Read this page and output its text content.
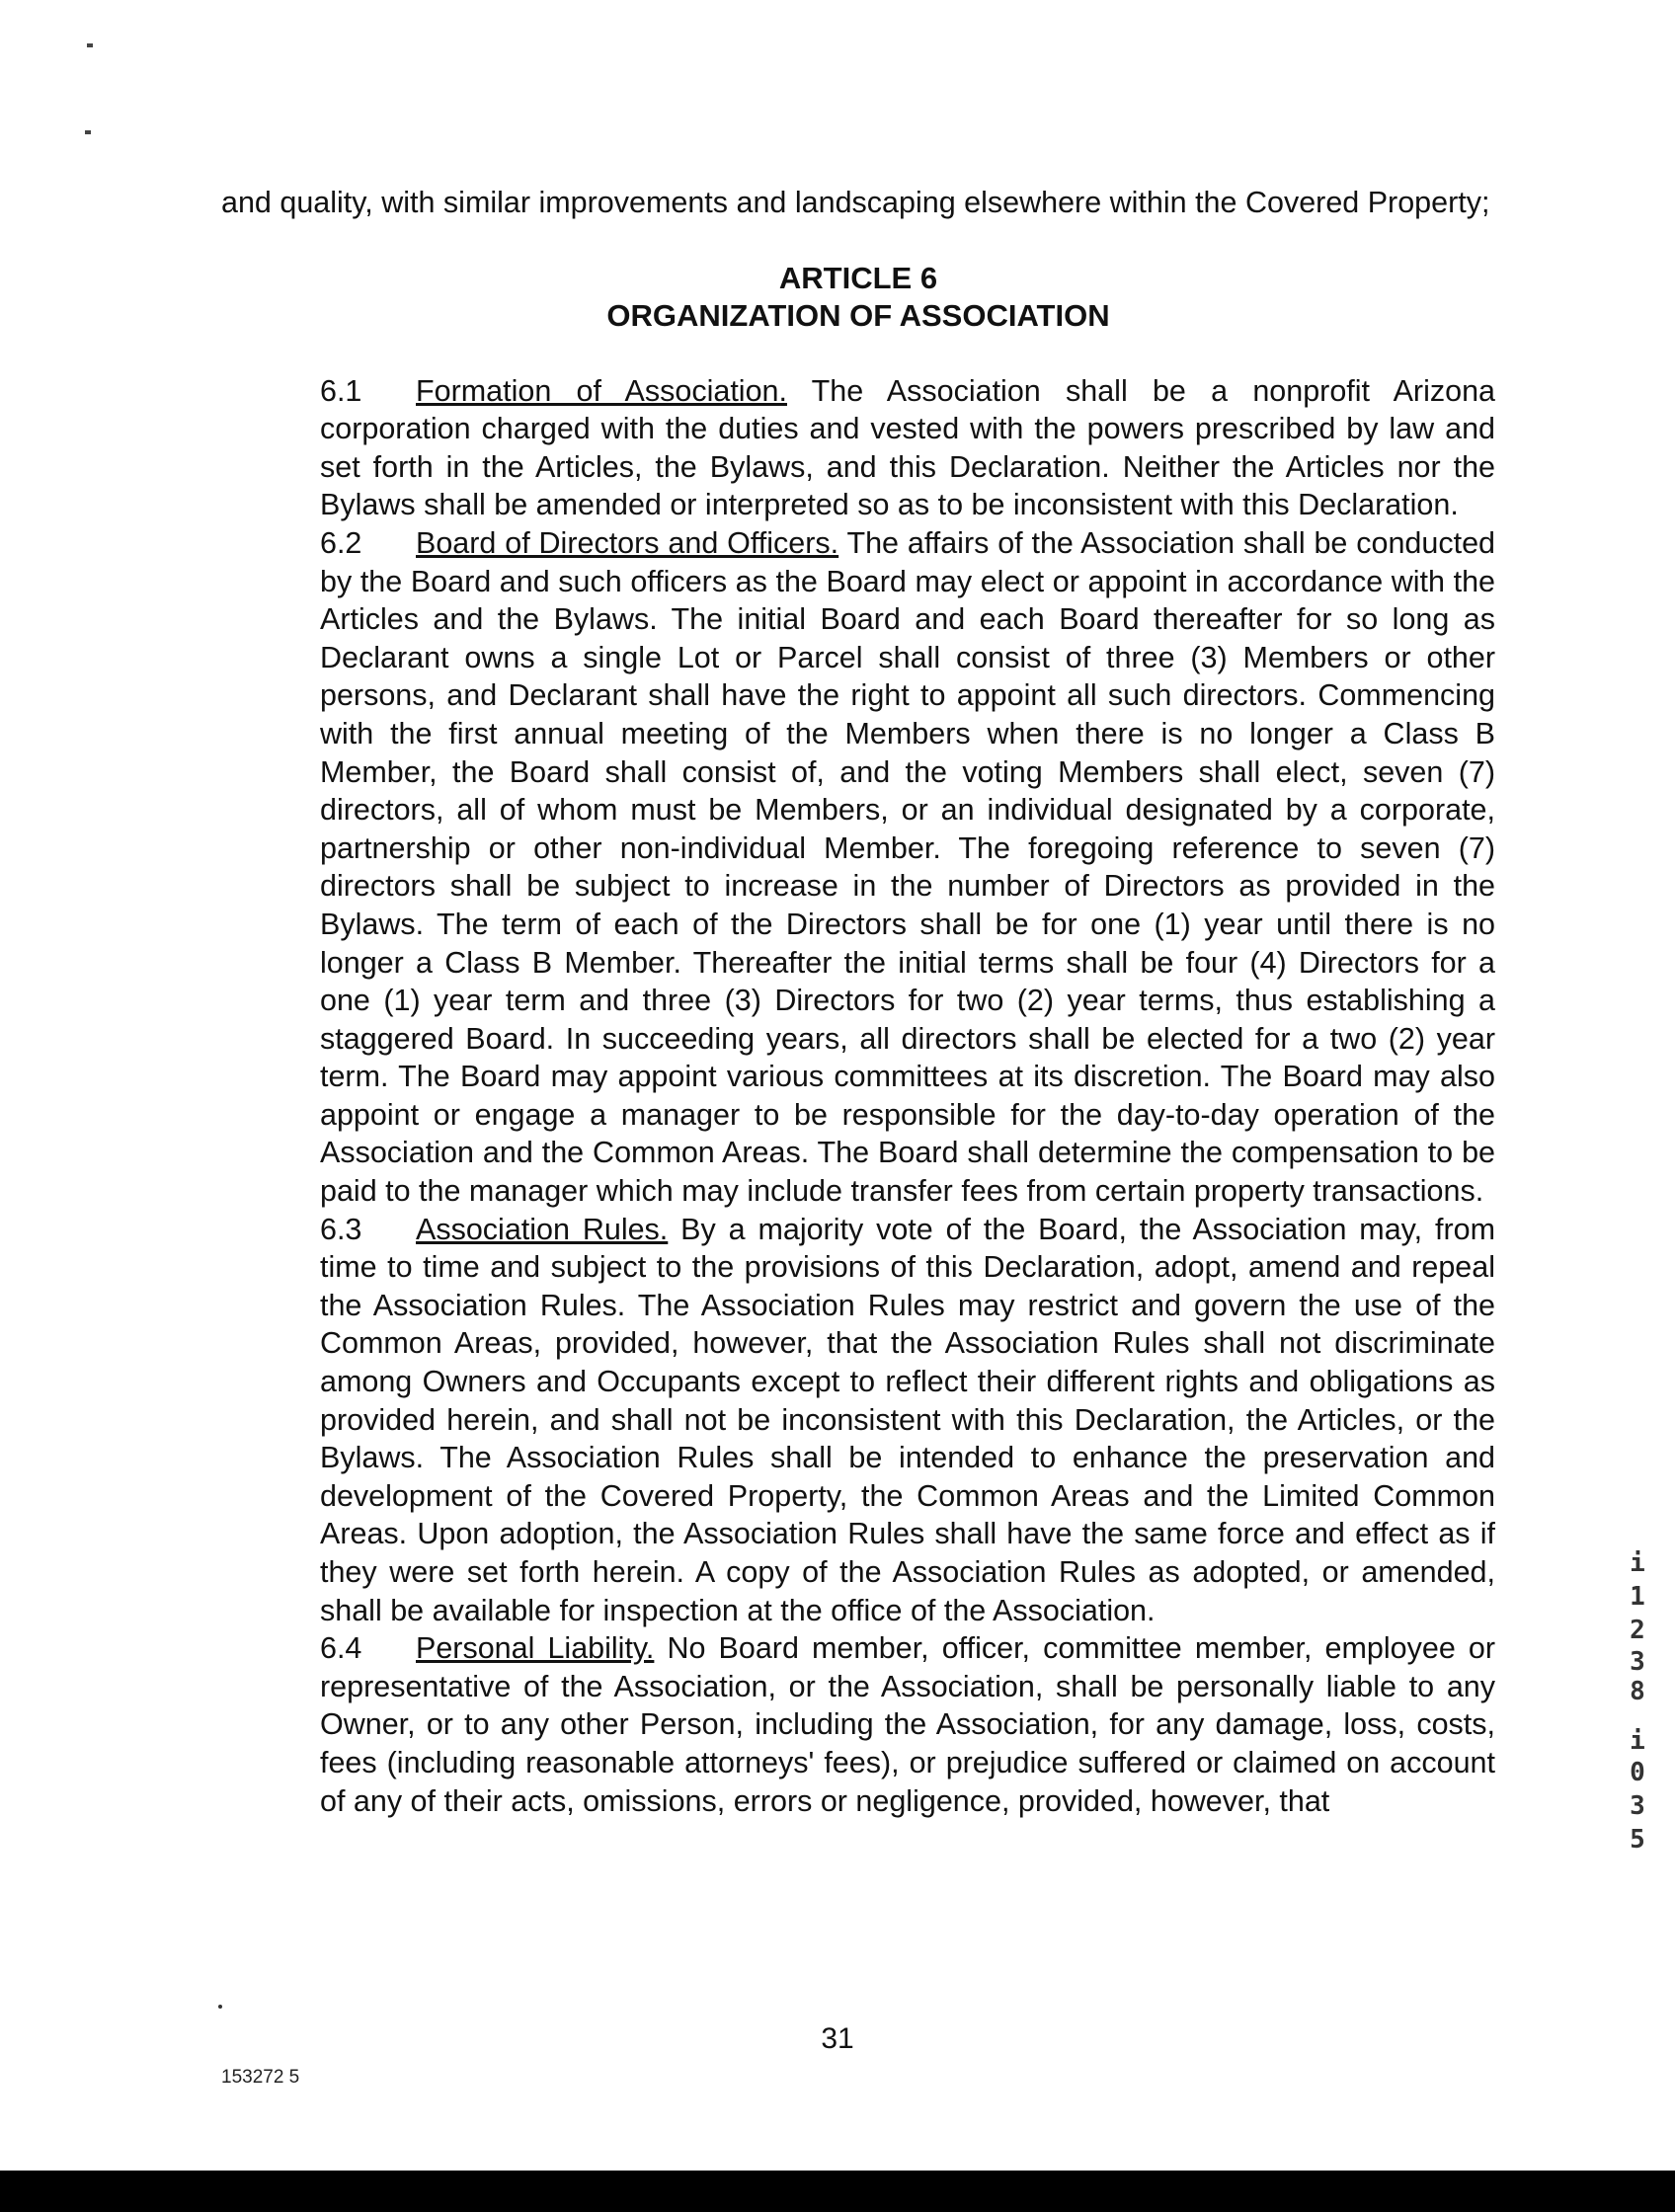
and quality, with similar improvements and landscaping elsewhere within the Covered Property;

ARTICLE 6
ORGANIZATION OF ASSOCIATION

6.1 Formation of Association. The Association shall be a nonprofit Arizona corporation charged with the duties and vested with the powers prescribed by law and set forth in the Articles, the Bylaws, and this Declaration. Neither the Articles nor the Bylaws shall be amended or interpreted so as to be inconsistent with this Declaration.

6.2 Board of Directors and Officers. The affairs of the Association shall be conducted by the Board and such officers as the Board may elect or appoint in accordance with the Articles and the Bylaws. The initial Board and each Board thereafter for so long as Declarant owns a single Lot or Parcel shall consist of three (3) Members or other persons, and Declarant shall have the right to appoint all such directors. Commencing with the first annual meeting of the Members when there is no longer a Class B Member, the Board shall consist of, and the voting Members shall elect, seven (7) directors, all of whom must be Members, or an individual designated by a corporate, partnership or other non-individual Member. The foregoing reference to seven (7) directors shall be subject to increase in the number of Directors as provided in the Bylaws. The term of each of the Directors shall be for one (1) year until there is no longer a Class B Member. Thereafter the initial terms shall be four (4) Directors for a one (1) year term and three (3) Directors for two (2) year terms, thus establishing a staggered Board. In succeeding years, all directors shall be elected for a two (2) year term. The Board may appoint various committees at its discretion. The Board may also appoint or engage a manager to be responsible for the day-to-day operation of the Association and the Common Areas. The Board shall determine the compensation to be paid to the manager which may include transfer fees from certain property transactions.

6.3 Association Rules. By a majority vote of the Board, the Association may, from time to time and subject to the provisions of this Declaration, adopt, amend and repeal the Association Rules. The Association Rules may restrict and govern the use of the Common Areas, provided, however, that the Association Rules shall not discriminate among Owners and Occupants except to reflect their different rights and obligations as provided herein, and shall not be inconsistent with this Declaration, the Articles, or the Bylaws. The Association Rules shall be intended to enhance the preservation and development of the Covered Property, the Common Areas and the Limited Common Areas. Upon adoption, the Association Rules shall have the same force and effect as if they were set forth herein. A copy of the Association Rules as adopted, or amended, shall be available for inspection at the office of the Association.

6.4 Personal Liability. No Board member, officer, committee member, employee or representative of the Association, or the Association, shall be personally liable to any Owner, or to any other Person, including the Association, for any damage, loss, costs, fees (including reasonable attorneys' fees), or prejudice suffered or claimed on account of any of their acts, omissions, errors or negligence, provided, however, that

i
1
2
3
8
i
0
3
5
31
153272 5
